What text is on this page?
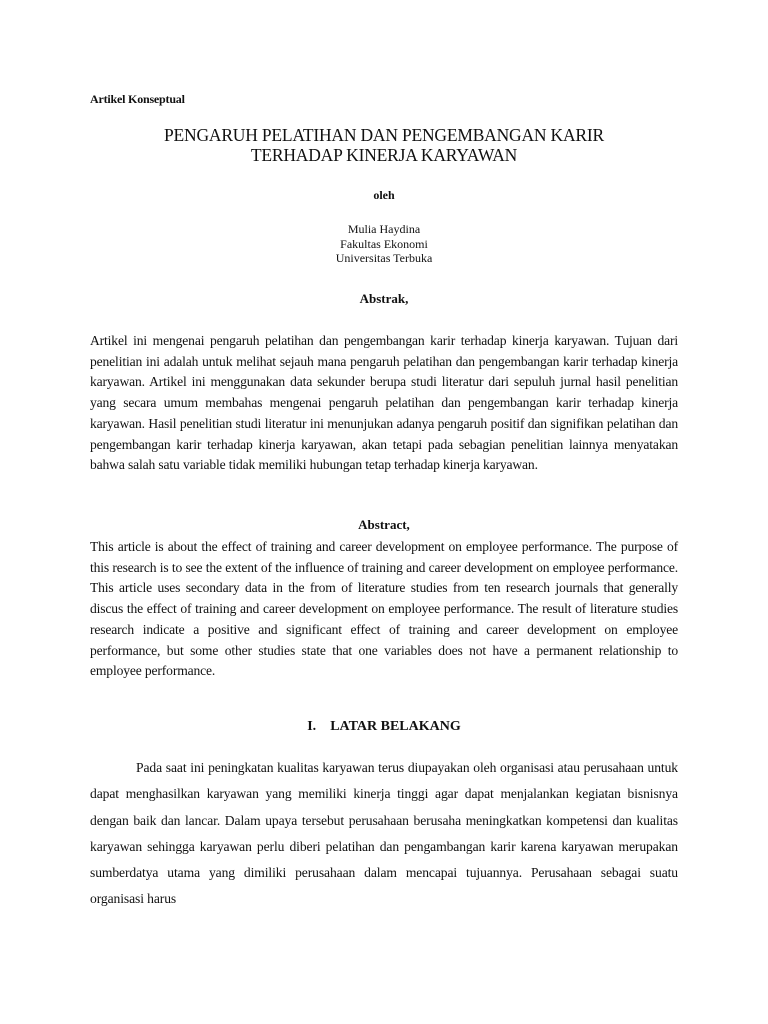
Artikel Konseptual
PENGARUH PELATIHAN DAN PENGEMBANGAN KARIR
TERHADAP KINERJA KARYAWAN
oleh
Mulia Haydina
Fakultas Ekonomi
Universitas Terbuka
Abstrak,

Artikel ini mengenai pengaruh pelatihan dan pengembangan karir terhadap kinerja karyawan. Tujuan dari penelitian ini adalah untuk melihat sejauh mana pengaruh pelatihan dan pengembangan karir terhadap kinerja karyawan. Artikel ini menggunakan data sekunder berupa studi literatur dari sepuluh jurnal hasil penelitian yang secara umum membahas mengenai pengaruh pelatihan dan pengembangan karir terhadap kinerja karyawan. Hasil penelitian studi literatur ini menunjukan adanya pengaruh positif dan signifikan pelatihan dan pengembangan karir terhadap kinerja karyawan, akan tetapi pada sebagian penelitian lainnya menyatakan bahwa salah satu variable tidak memiliki hubungan tetap terhadap kinerja karyawan.

Abstract,

This article is about the effect of training and career development on employee performance. The purpose of this research is to see the extent of the influence of training and career development on employee performance. This article uses secondary data in the from of literature studies from ten research journals that generally discus the effect of training and career development on employee performance. The result of literature studies research indicate a positive and significant effect of training and career development on employee performance, but some other studies state that one variables does not have a permanent relationship to employee performance.

I. LATAR BELAKANG

Pada saat ini peningkatan kualitas karyawan terus diupayakan oleh organisasi atau perusahaan untuk dapat menghasilkan karyawan yang memiliki kinerja tinggi agar dapat menjalankan kegiatan bisnisnya dengan baik dan lancar. Dalam upaya tersebut perusahaan berusaha meningkatkan kompetensi dan kualitas karyawan sehingga karyawan perlu diberi pelatihan dan pengambangan karir karena karyawan merupakan sumberdatya utama yang dimiliki perusahaan dalam mencapai tujuannya. Perusahaan sebagai suatu organisasi harus
